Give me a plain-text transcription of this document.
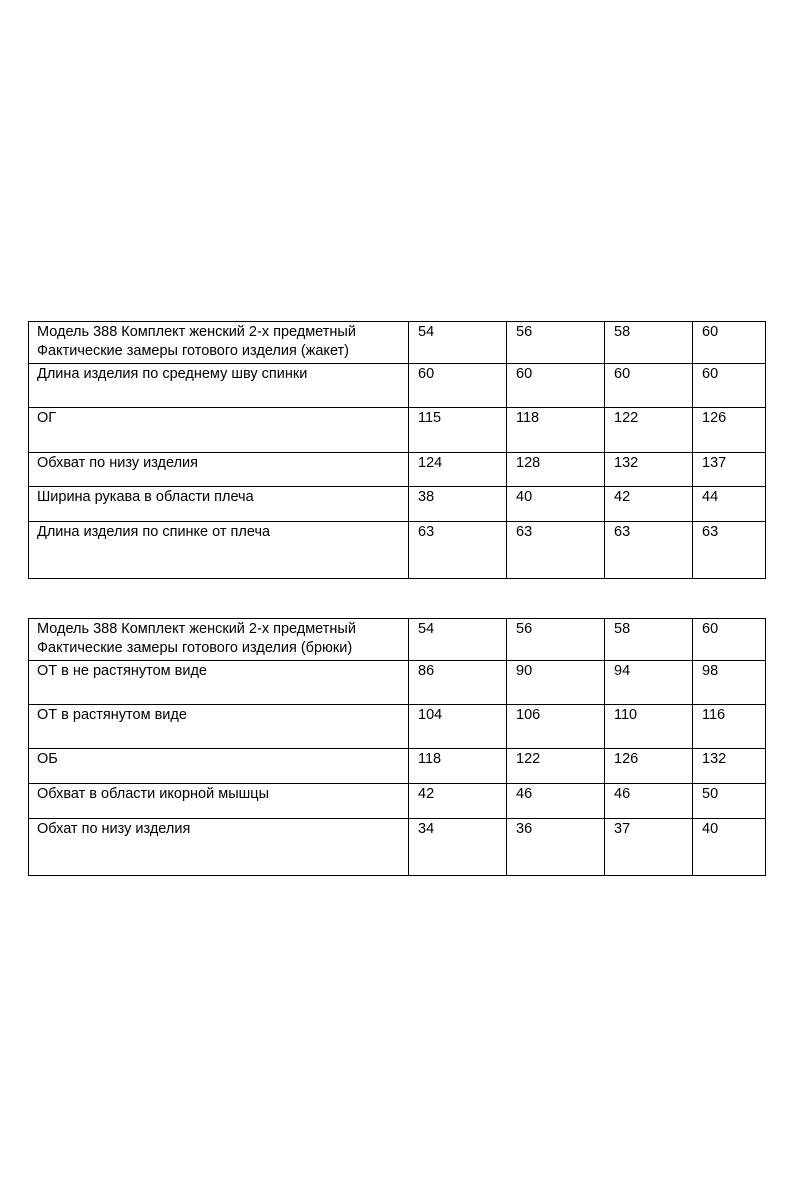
Модель 388 Комплект женский 2-х предметный
Фактические замеры готового изделия (жакет)	54	56	58	60
Длина изделия по среднему шву спинки	60	60	60	60
ОГ	115	118	122	126
Обхват по низу изделия	124	128	132	137
Ширина рукава в области плеча	38	40	42	44
Длина изделия по спинке от плеча	63	63	63	63
Модель 388 Комплект женский 2-х предметный
Фактические замеры готового изделия (брюки)	54	56	58	60
ОТ в не растянутом виде	86	90	94	98
ОТ в растянутом виде	104	106	110	116
ОБ	118	122	126	132
Обхват в области икорной мышцы	42	46	46	50
Обхат по низу изделия	34	36	37	40
